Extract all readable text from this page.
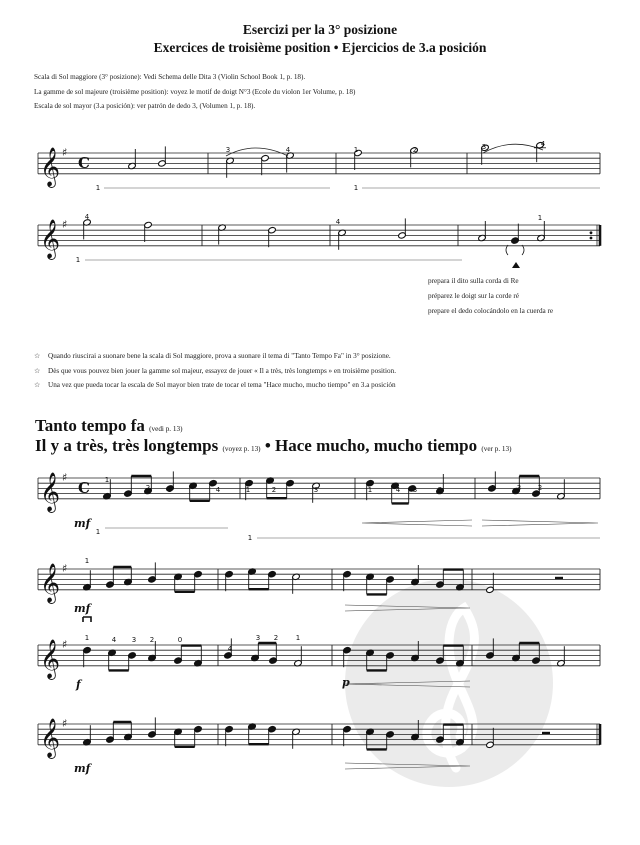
Esercizi per la 3° posizione
Exercices de troisième position • Ejercicios de 3.a posición
Scala di Sol maggiore (3° posizione): Vedi Schema delle Dita 3 (Violin School Book 1, p. 18).
La gamme de sol majeure (troisième position): voyez le motif de doigt N°3 (Ecole du violon 1er Volume, p. 18)
Escala de sol mayor (3.a posición): ver patrón de dedo 3, (Volumen 1, p. 18).
prepara il dito sulla corda di Re
préparez le doigt sur la corde ré
prepare el dedo colocándolo en la cuerda re
☆ Quando riuscirai a suonare bene la scala di Sol maggiore, prova a suonare il tema di "Tanto Tempo Fa" in 3° posizione.
☆ Dès que vous pouvez bien jouer la gamme sol majeur, essayez de jouer « Il a très, très longtemps » en troisième position.
☆ Una vez que pueda tocar la escala de Sol mayor bien trate de tocar el tema "Hace mucho, mucho tiempo" en 3.a posición
Tanto tempo fa (vedi p. 13)
Il y a très, très longtemps (voyez p. 13) • Hace mucho, mucho tiempo (ver p. 13)
𝄞 ♯
C
3	4	1	2	3	4
1	1
𝄞 ♯
4
4	1
1
𝄞 ♯
C
mf
1
2	3	4	1	2	3	1	4 3	2	4	3 2
1
1
𝄞 ♯
mf
1
𝄞 ♯
f
1	4 3 2	0
4
3 2	1
p
𝄞 ♯
mf
